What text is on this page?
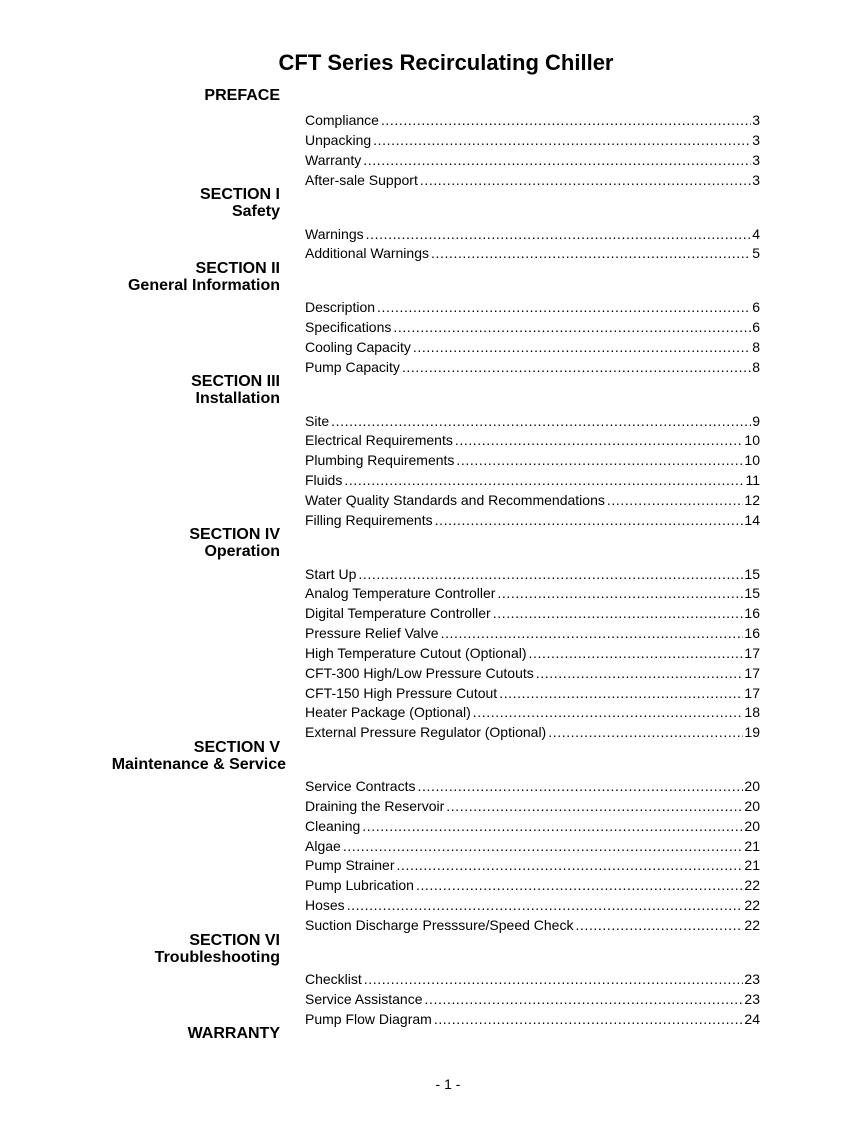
CFT Series Recirculating Chiller
PREFACE
Compliance .....	3
Unpacking .....	3
Warranty .....	3
After-sale Support .....	3
SECTION I
Safety
Warnings .....	4
Additional Warnings .....	5
SECTION II
General Information
Description .....	6
Specifications .....	6
Cooling Capacity .....	8
Pump Capacity .....	8
SECTION III
Installation
Site .....	9
Electrical Requirements .....	10
Plumbing Requirements .....	10
Fluids .....	11
Water Quality Standards and Recommendations .....	12
Filling Requirements .....	14
SECTION IV
Operation
Start Up .....	15
Analog Temperature Controller .....	15
Digital Temperature Controller .....	16
Pressure Relief Valve .....	16
High Temperature Cutout (Optional) .....	17
CFT-300 High/Low Pressure Cutouts .....	17
CFT-150 High Pressure Cutout .....	17
Heater Package (Optional) .....	18
External Pressure Regulator (Optional) .....	19
SECTION V
Maintenance & Service
Service Contracts .....	20
Draining the Reservoir .....	20
Cleaning .....	20
Algae .....	21
Pump Strainer .....	21
Pump Lubrication .....	22
Hoses .....	22
Suction Discharge Presssure/Speed Check .....	22
SECTION VI
Troubleshooting
Checklist .....	23
Service Assistance .....	23
Pump Flow Diagram .....	24
WARRANTY
- 1 -
